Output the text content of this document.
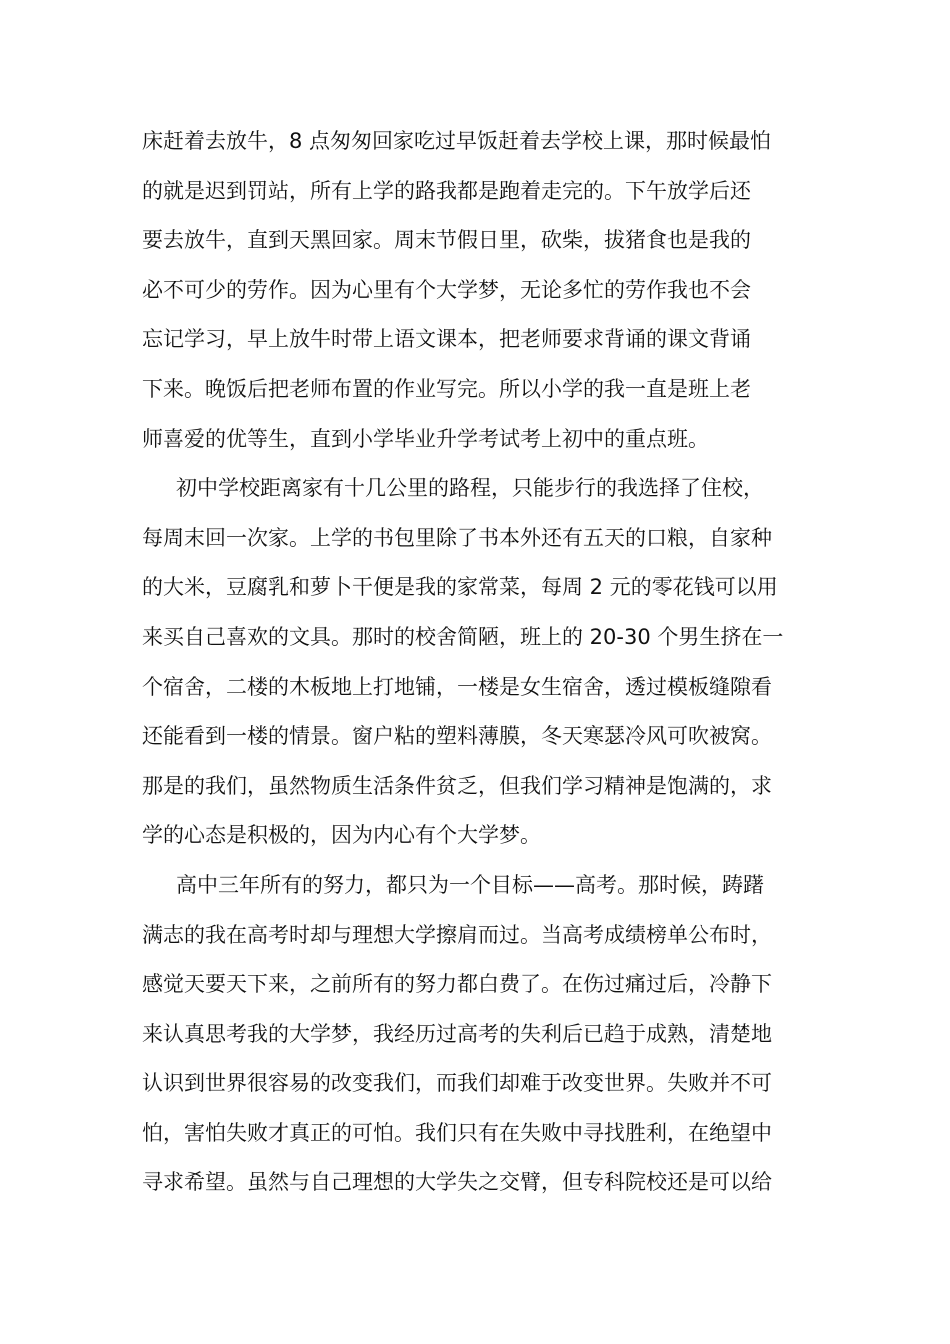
床赶着去放牛，8 点匆匆回家吃过早饭赶着去学校上课，那时候最怕
的就是迟到罚站，所有上学的路我都是跑着走完的。下午放学后还
要去放牛，直到天黑回家。周末节假日里，砍柴，拔猪食也是我的
必不可少的劳作。因为心里有个大学梦，无论多忙的劳作我也不会
忘记学习，早上放牛时带上语文课本，把老师要求背诵的课文背诵
下来。晚饭后把老师布置的作业写完。所以小学的我一直是班上老
师喜爱的优等生，直到小学毕业升学考试考上初中的重点班。
初中学校距离家有十几公里的路程，只能步行的我选择了住校，
每周末回一次家。上学的书包里除了书本外还有五天的口粮，自家种
的大米，豆腐乳和萝卜干便是我的家常菜，每周 2 元的零花钱可以用
来买自己喜欢的文具。那时的校舍简陋，班上的 20-30 个男生挤在一
个宿舍，二楼的木板地上打地铺，一楼是女生宿舍，透过模板缝隙看
还能看到一楼的情景。窗户粘的塑料薄膜，冬天寒瑟冷风可吹被窝。
那是的我们，虽然物质生活条件贫乏，但我们学习精神是饱满的，求
学的心态是积极的，因为内心有个大学梦。
高中三年所有的努力，都只为一个目标——高考。那时候，踌躇
满志的我在高考时却与理想大学擦肩而过。当高考成绩榜单公布时，
感觉天要天下来，之前所有的努力都白费了。在伤过痛过后，冷静下
来认真思考我的大学梦，我经历过高考的失利后已趋于成熟，清楚地
认识到世界很容易的改变我们，而我们却难于改变世界。失败并不可
怕，害怕失败才真正的可怕。我们只有在失败中寻找胜利，在绝望中
寻求希望。虽然与自己理想的大学失之交臂，但专科院校还是可以给
